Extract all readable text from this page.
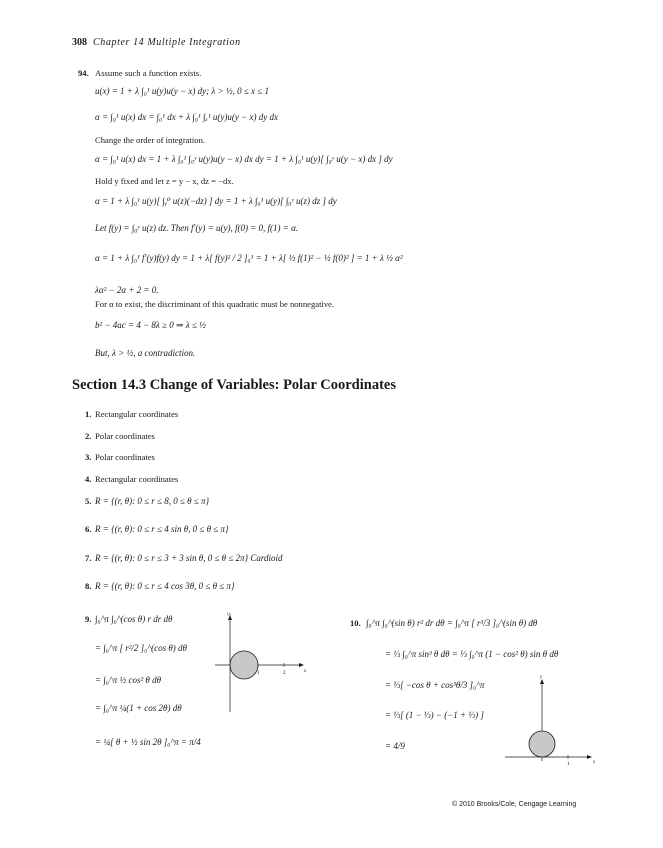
308 Chapter 14 Multiple Integration
94. Assume such a function exists.
u(x) = 1 + λ ∫₀¹ u(y)u(y − x) dy; λ > ½, 0 ≤ x ≤ 1
α = ∫₀¹ u(x) dx = ∫₀¹ dx + λ ∫₀¹ ∫ₓ¹ u(y)u(y − x) dy dx
Change the order of integration.
α = ∫₀¹ u(x) dx = 1 + λ ∫₀¹ ∫₀ʸ u(y)u(y − x) dx dy = 1 + λ ∫₀¹ u(y)[ ∫₀ʸ u(y − x) dx ] dy
Hold y fixed and let z = y − x, dz = −dx.
α = 1 + λ ∫₀¹ u(y)[ ∫ᵧ⁰ u(z)(−dz) ] dy = 1 + λ ∫₀¹ u(y)[ ∫₀ʸ u(z) dz ] dy
Let f(y) = ∫₀ʸ u(z) dz. Then f′(y) = u(y), f(0) = 0, f(1) = α.
α = 1 + λ ∫₀¹ f′(y)f(y) dy = 1 + λ[ f(y)² / 2 ]₀¹ = 1 + λ[ ½ f(1)² − ½ f(0)² ] = 1 + λ ½ α²
λα² − 2α + 2 = 0.
For α to exist, the discriminant of this quadratic must be nonnegative.
b² − 4ac = 4 − 8λ ≥ 0 ⇒ λ ≤ ½
But, λ > ½, a contradiction.
Section 14.3 Change of Variables: Polar Coordinates
1. Rectangular coordinates
2. Polar coordinates
3. Polar coordinates
4. Rectangular coordinates
5. R = {(r, θ): 0 ≤ r ≤ 8, 0 ≤ θ ≤ π}
6. R = {(r, θ): 0 ≤ r ≤ 4 sin θ, 0 ≤ θ ≤ π}
7. R = {(r, θ): 0 ≤ r ≤ 3 + 3 sin θ, 0 ≤ θ ≤ 2π} Cardioid
8. R = {(r, θ): 0 ≤ r ≤ 4 cos 3θ, 0 ≤ θ ≤ π}
9. ∫₀^π ∫₀^(cos θ) r dr dθ
= ∫₀^π [ r²/2 ]₀^(cos θ) dθ
= ∫₀^π ½ cos² θ dθ
= ∫₀^π ¼(1 + cos 2θ) dθ
= ¼[ θ + ½ sin 2θ ]₀^π = π/4
½
1	2	x
10. ∫₀^π ∫₀^(sin θ) r² dr dθ = ∫₀^π [ r³/3 ]₀^(sin θ) dθ
= ⅓ ∫₀^π sin³ θ dθ = ⅓ ∫₀^π (1 − cos² θ) sin θ dθ
= ⅓[ −cos θ + cos³θ/3 ]₀^π
= ⅓[ (1 − ⅓) − (−1 + ⅓) ]
= 4/9
y
1	x
© 2010 Brooks/Cole, Cengage Learning
